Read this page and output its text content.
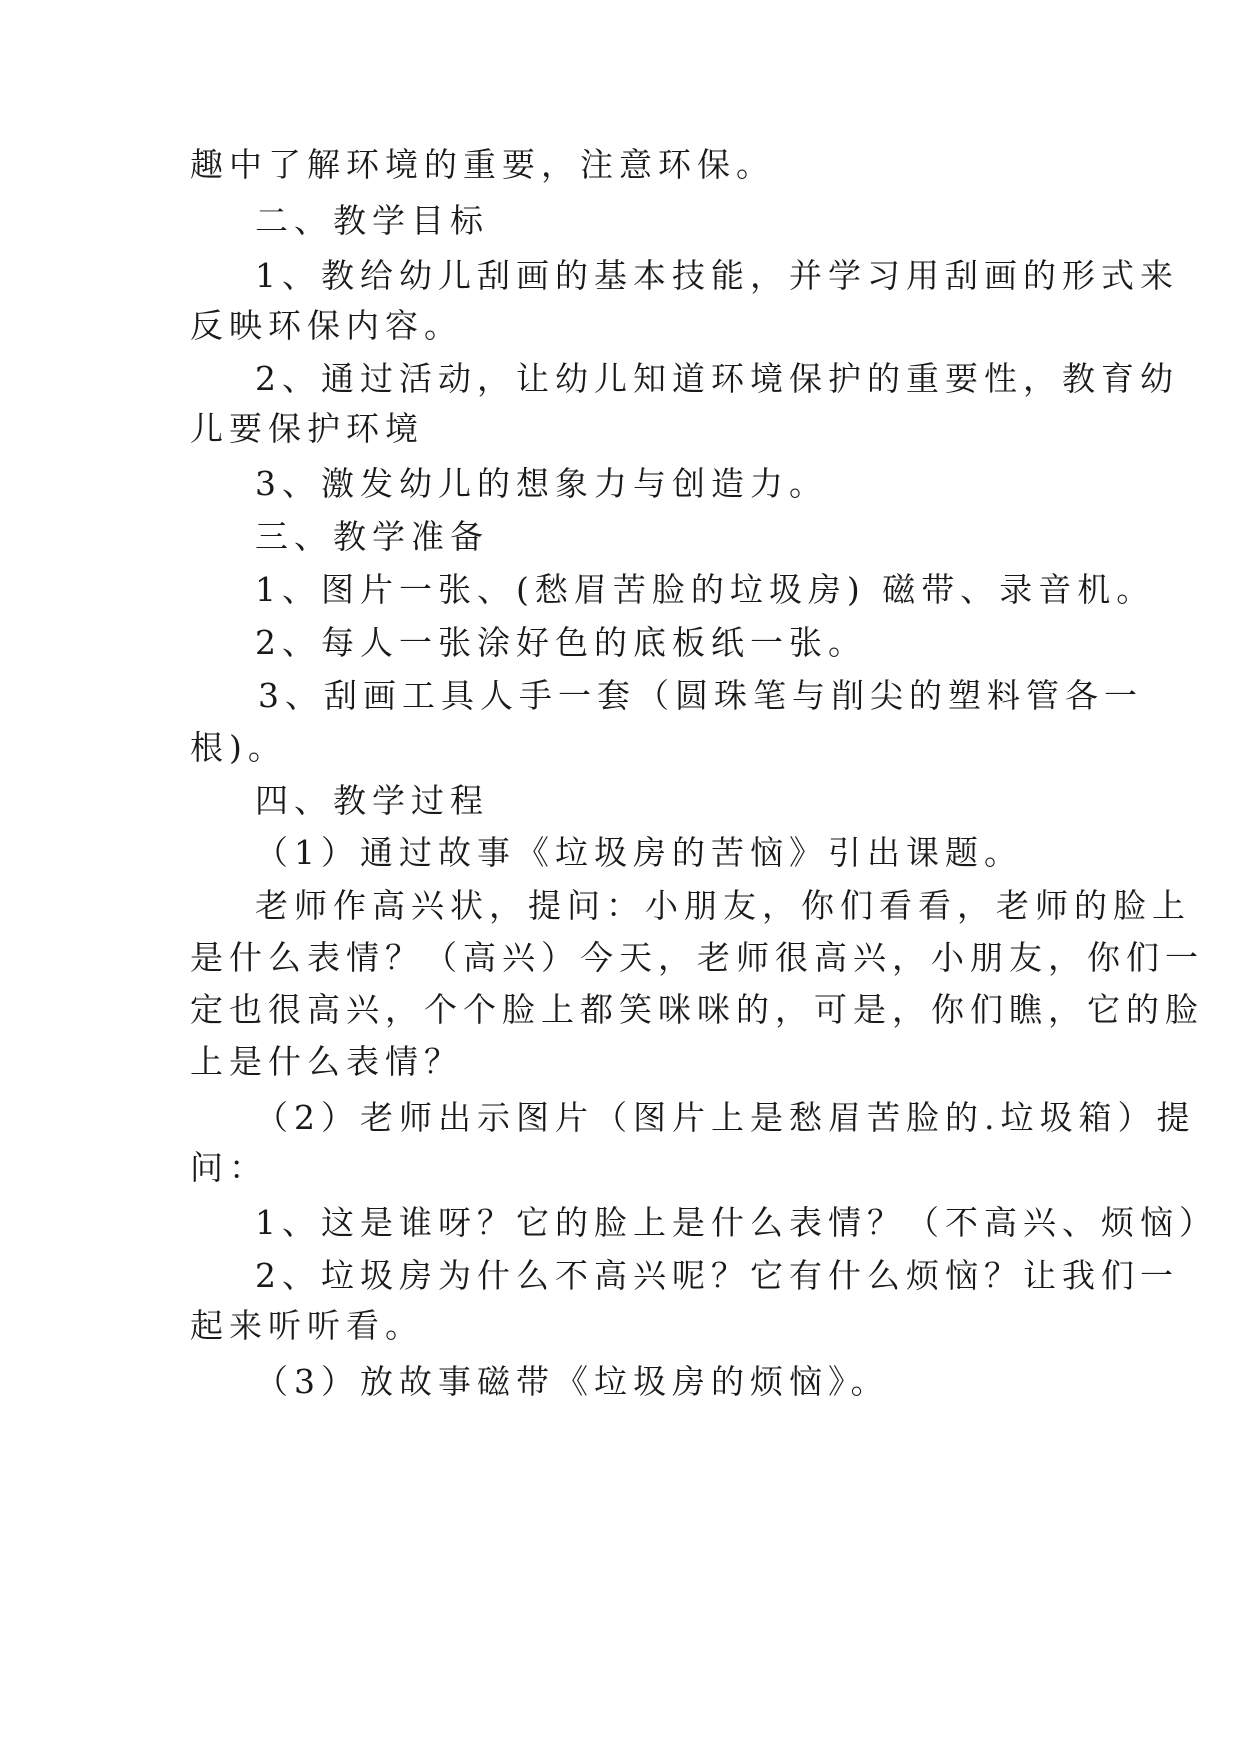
趣中了解环境的重要，注意环保。
二、教学目标
1、教给幼儿刮画的基本技能，并学习用刮画的形式来
反映环保内容。
2、通过活动，让幼儿知道环境保护的重要性，教育幼
儿要保护环境
3、激发幼儿的想象力与创造力。
三、教学准备
1、图片一张、(愁眉苦脸的垃圾房) 磁带、录音机。
2、每人一张涂好色的底板纸一张。
3、刮画工具人手一套（圆珠笔与削尖的塑料管各一
根)。
四、教学过程
（1）通过故事《垃圾房的苦恼》引出课题。
老师作高兴状，提问：小朋友，你们看看，老师的脸上
是什么表情？（高兴）今天，老师很高兴，小朋友，你们一
定也很高兴，个个脸上都笑咪咪的，可是，你们瞧，它的脸
上是什么表情？
（2）老师出示图片（图片上是愁眉苦脸的.垃圾箱）提
问：
1、这是谁呀？它的脸上是什么表情？（不高兴、烦恼）
2、垃圾房为什么不高兴呢？它有什么烦恼？让我们一
起来听听看。
（3）放故事磁带《垃圾房的烦恼》。
